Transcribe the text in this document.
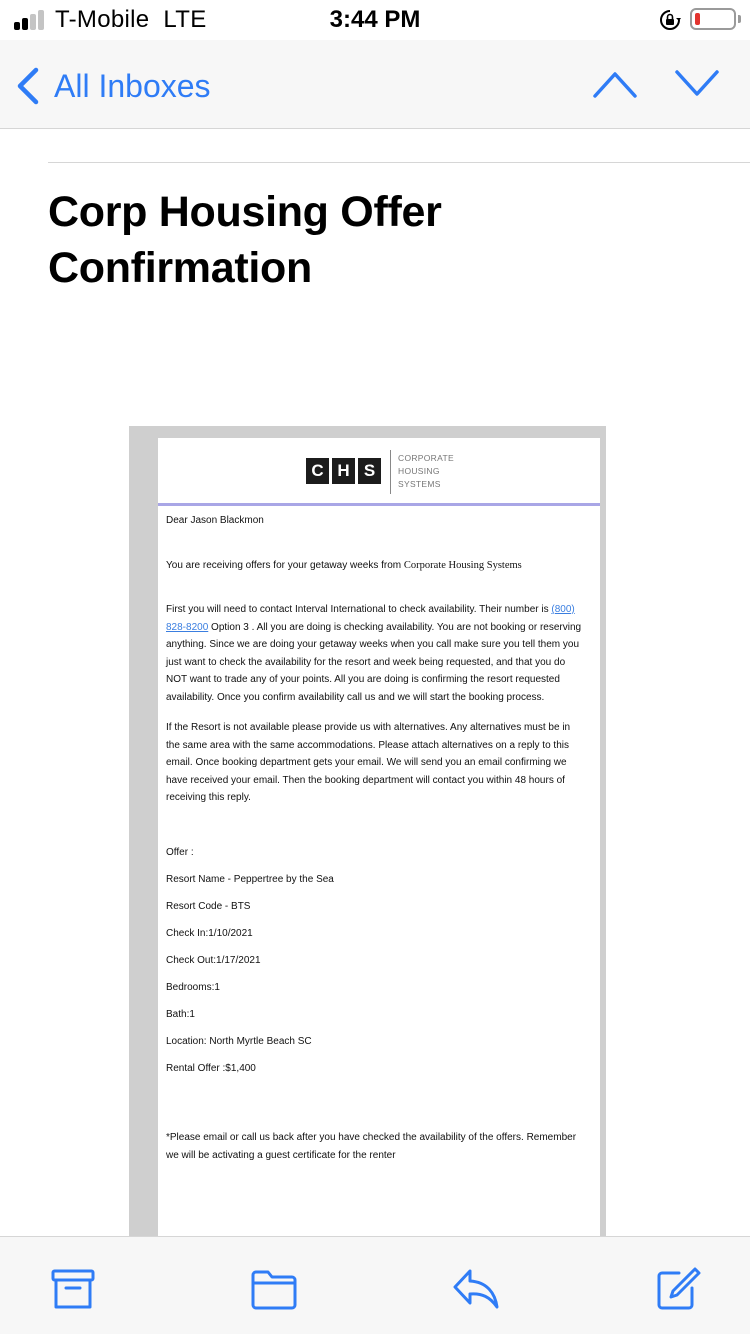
T-Mobile LTE	3:44 PM
All Inboxes
Corp Housing Offer Confirmation
C H S
CORPORATE
HOUSING
SYSTEMS
Dear Jason Blackmon
You are receiving offers for your getaway weeks from Corporate Housing Systems
First you will need to contact Interval International to check availability. Their number is (800) 828-8200 Option 3 . All you are doing is checking availability. You are not booking or reserving anything. Since we are doing your getaway weeks when you call make sure you tell them you just want to check the availability for the resort and week being requested, and that you do NOT want to trade any of your points. All you are doing is confirming the resort requested availability. Once you confirm availability call us and we will start the booking process.
If the Resort is not available please provide us with alternatives. Any alternatives must be in the same area with the same accommodations. Please attach alternatives on a reply to this email. Once booking department gets your email. We will send you an email confirming we have received your email. Then the booking department will contact you within 48 hours of receiving this reply.
Offer :
Resort Name - Peppertree by the Sea
Resort Code - BTS
Check In:1/10/2021
Check Out:1/17/2021
Bedrooms:1
Bath:1
Location: North Myrtle Beach SC
Rental Offer :$1,400
*Please email or call us back after you have checked the availability of the offers. Remember we will be activating a guest certificate for the renter
